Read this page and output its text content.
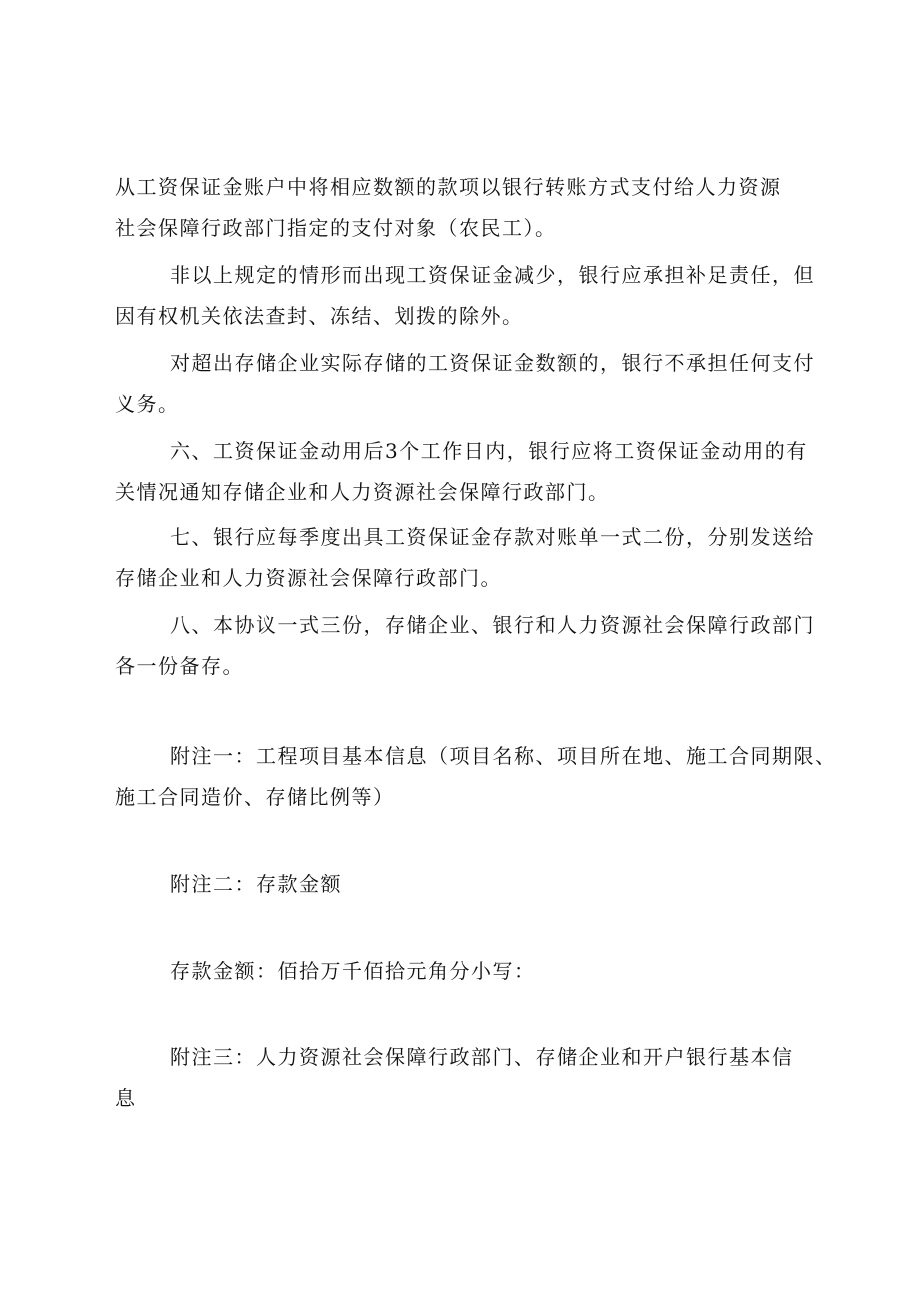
从工资保证金账户中将相应数额的款项以银行转账方式支付给人力资源
社会保障行政部门指定的支付对象（农民工）。
非以上规定的情形而出现工资保证金减少，银行应承担补足责任，但
因有权机关依法查封、冻结、划拨的除外。
对超出存储企业实际存储的工资保证金数额的，银行不承担任何支付
义务。
六、工资保证金动用后3个工作日内，银行应将工资保证金动用的有
关情况通知存储企业和人力资源社会保障行政部门。
七、银行应每季度出具工资保证金存款对账单一式二份，分别发送给
存储企业和人力资源社会保障行政部门。
八、本协议一式三份，存储企业、银行和人力资源社会保障行政部门
各一份备存。
附注一：工程项目基本信息（项目名称、项目所在地、施工合同期限、
施工合同造价、存储比例等）
附注二：存款金额
存款金额：佰拾万千佰拾元角分小写：
附注三：人力资源社会保障行政部门、存储企业和开户银行基本信
息
